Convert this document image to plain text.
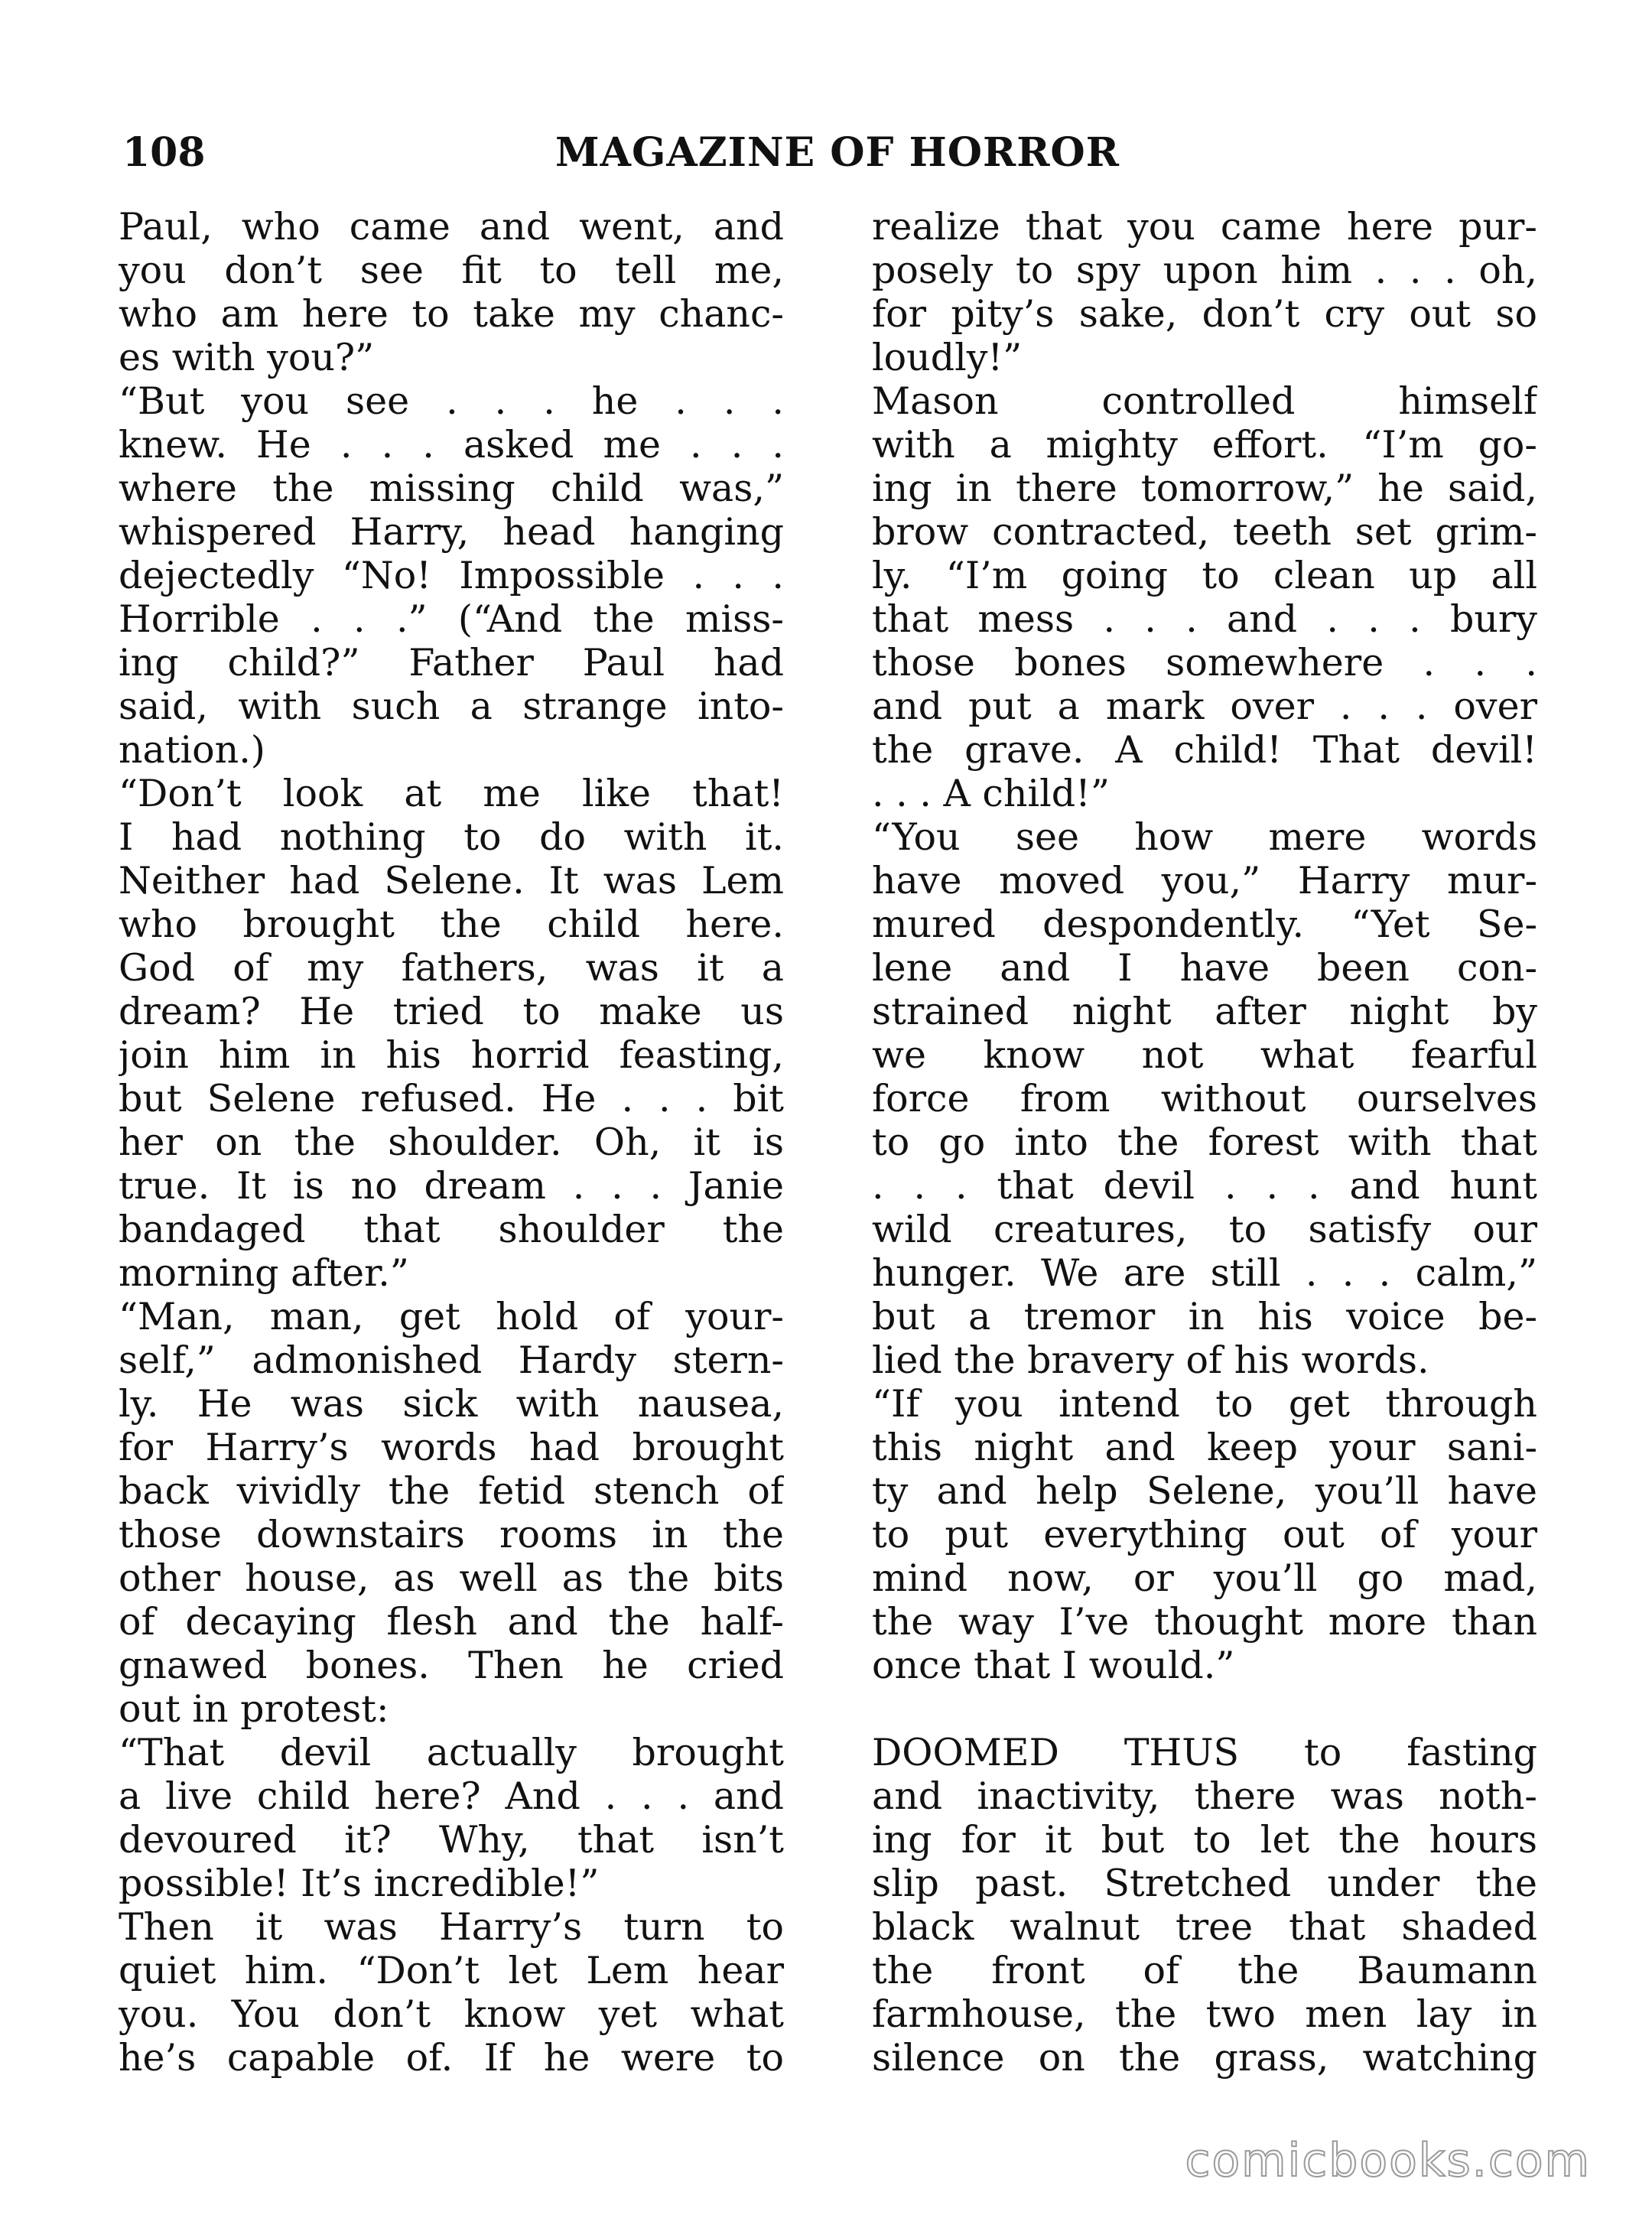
108	MAGAZINE OF HORROR
Paul, who came and went, and
you don’t see fit to tell me,
who am here to take my chanc-
es with you?”
“But you see . . . he . . .
knew. He . . . asked me . . .
where the missing child was,”
whispered Harry, head hanging
dejectedly “No! Impossible . . .
Horrible . . .” (“And the miss-
ing child?” Father Paul had
said, with such a strange into-
nation.)
“Don’t look at me like that!
I had nothing to do with it.
Neither had Selene. It was Lem
who brought the child here.
God of my fathers, was it a
dream? He tried to make us
join him in his horrid feasting,
but Selene refused. He . . . bit
her on the shoulder. Oh, it is
true. It is no dream . . . Janie
bandaged that shoulder the
morning after.”
“Man, man, get hold of your-
self,” admonished Hardy stern-
ly. He was sick with nausea,
for Harry’s words had brought
back vividly the fetid stench of
those downstairs rooms in the
other house, as well as the bits
of decaying flesh and the half-
gnawed bones. Then he cried
out in protest:
“That devil actually brought
a live child here? And . . . and
devoured it? Why, that isn’t
possible! It’s incredible!”
Then it was Harry’s turn to
quiet him. “Don’t let Lem hear
you. You don’t know yet what
he’s capable of. If he were to
realize that you came here pur-
posely to spy upon him . . . oh,
for pity’s sake, don’t cry out so
loudly!”
Mason controlled himself
with a mighty effort. “I’m go-
ing in there tomorrow,” he said,
brow contracted, teeth set grim-
ly. “I’m going to clean up all
that mess . . . and . . . bury
those bones somewhere . . .
and put a mark over . . . over
the grave. A child! That devil!
. . . A child!”
“You see how mere words
have moved you,” Harry mur-
mured despondently. “Yet Se-
lene and I have been con-
strained night after night by
we know not what fearful
force from without ourselves
to go into the forest with that
. . . that devil . . . and hunt
wild creatures, to satisfy our
hunger. We are still . . . calm,”
but a tremor in his voice be-
lied the bravery of his words.
“If you intend to get through
this night and keep your sani-
ty and help Selene, you’ll have
to put everything out of your
mind now, or you’ll go mad,
the way I’ve thought more than
once that I would.”
DOOMED THUS to fasting
and inactivity, there was noth-
ing for it but to let the hours
slip past. Stretched under the
black walnut tree that shaded
the front of the Baumann
farmhouse, the two men lay in
silence on the grass, watching
comicbooks.com
